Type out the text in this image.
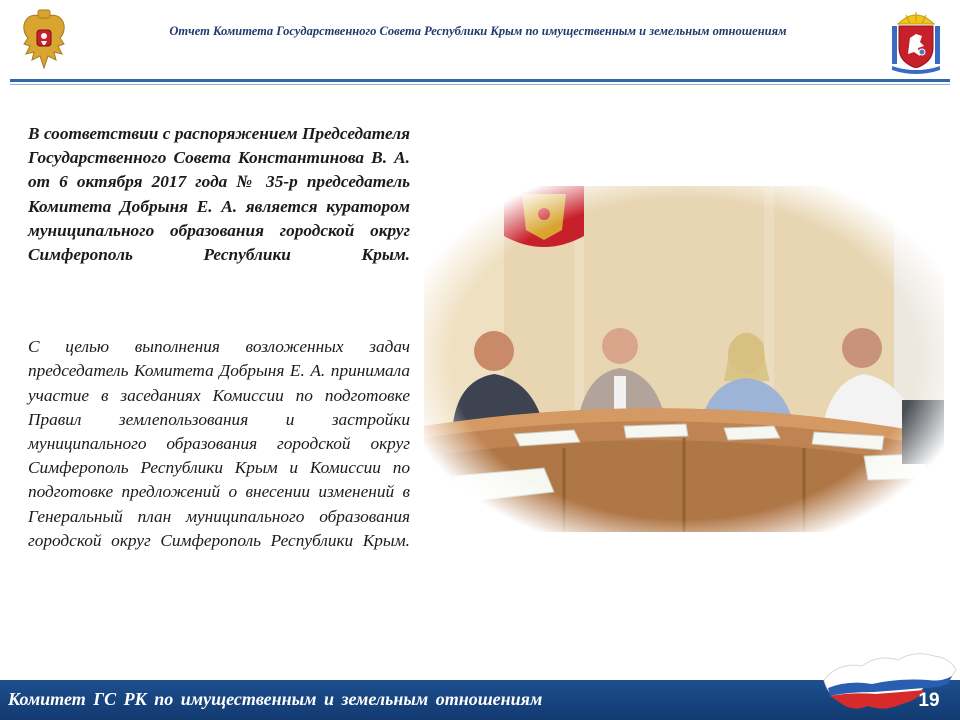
Отчет Комитета Государственного Совета Республики Крым по имущественным и земельным отношениям

В соответствии с распоряжением Председателя Государственного Совета Константинова В. А. от 6 октября 2017 года № 35-р председатель Комитета Добрыня Е. А. является куратором муниципального образования городской округ Симферополь Республики Крым.

С целью выполнения возложенных задач председатель Комитета Добрыня Е. А. принимала участие в заседаниях Комиссии по подготовке Правил землепользования и застройки муниципального образования городской округ Симферополь Республики Крым и Комиссии по подготовке предложений о внесении изменений в Генеральный план муниципального образования городской округ Симферополь Республики Крым.

Комитет ГС РК по имущественным и земельным отношениям	19
